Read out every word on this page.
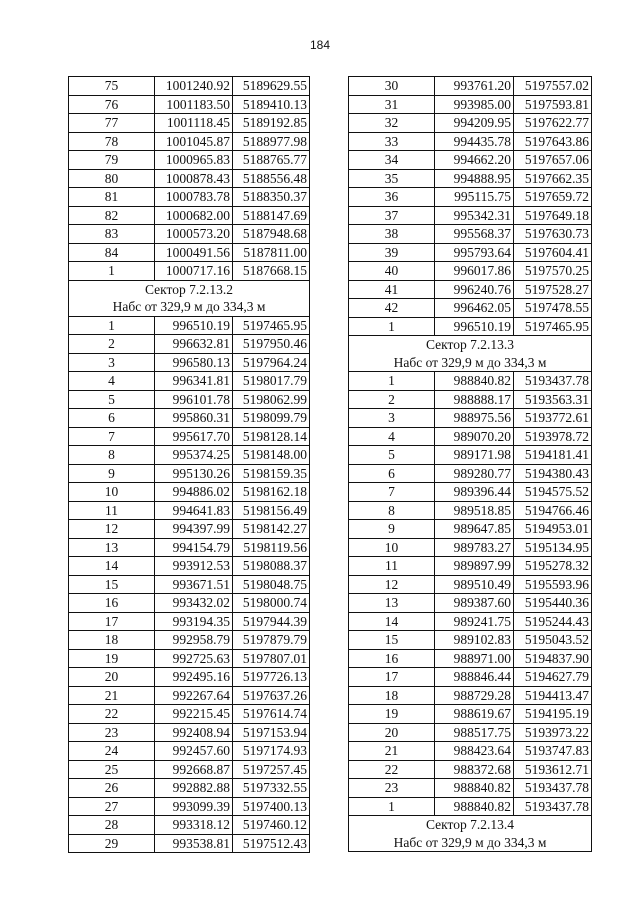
184
75	1001240.92	5189629.55
76	1001183.50	5189410.13
77	1001118.45	5189192.85
78	1001045.87	5188977.98
79	1000965.83	5188765.77
80	1000878.43	5188556.48
81	1000783.78	5188350.37
82	1000682.00	5188147.69
83	1000573.20	5187948.68
84	1000491.56	5187811.00
1	1000717.16	5187668.15
Сектор 7.2.13.2		
Набс от 329,9 м до 334,3 м		
1	996510.19	5197465.95
2	996632.81	5197950.46
3	996580.13	5197964.24
4	996341.81	5198017.79
5	996101.78	5198062.99
6	995860.31	5198099.79
7	995617.70	5198128.14
8	995374.25	5198148.00
9	995130.26	5198159.35
10	994886.02	5198162.18
11	994641.83	5198156.49
12	994397.99	5198142.27
13	994154.79	5198119.56
14	993912.53	5198088.37
15	993671.51	5198048.75
16	993432.02	5198000.74
17	993194.35	5197944.39
18	992958.79	5197879.79
19	992725.63	5197807.01
20	992495.16	5197726.13
21	992267.64	5197637.26
22	992215.45	5197614.74
23	992408.94	5197153.94
24	992457.60	5197174.93
25	992668.87	5197257.45
26	992882.88	5197332.55
27	993099.39	5197400.13
28	993318.12	5197460.12
29	993538.81	5197512.43
30	993761.20	5197557.02
31	993985.00	5197593.81
32	994209.95	5197622.77
33	994435.78	5197643.86
34	994662.20	5197657.06
35	994888.95	5197662.35
36	995115.75	5197659.72
37	995342.31	5197649.18
38	995568.37	5197630.73
39	995793.64	5197604.41
40	996017.86	5197570.25
41	996240.76	5197528.27
42	996462.05	5197478.55
1	996510.19	5197465.95
Сектор 7.2.13.3		
Набс от 329,9 м до 334,3 м		
1	988840.82	5193437.78
2	988888.17	5193563.31
3	988975.56	5193772.61
4	989070.20	5193978.72
5	989171.98	5194181.41
6	989280.77	5194380.43
7	989396.44	5194575.52
8	989518.85	5194766.46
9	989647.85	5194953.01
10	989783.27	5195134.95
11	989897.99	5195278.32
12	989510.49	5195593.96
13	989387.60	5195440.36
14	989241.75	5195244.43
15	989102.83	5195043.52
16	988971.00	5194837.90
17	988846.44	5194627.79
18	988729.28	5194413.47
19	988619.67	5194195.19
20	988517.75	5193973.22
21	988423.64	5193747.83
22	988372.68	5193612.71
23	988840.82	5193437.78
1	988840.82	5193437.78
Сектор 7.2.13.4		
Набс от 329,9 м до 334,3 м		
